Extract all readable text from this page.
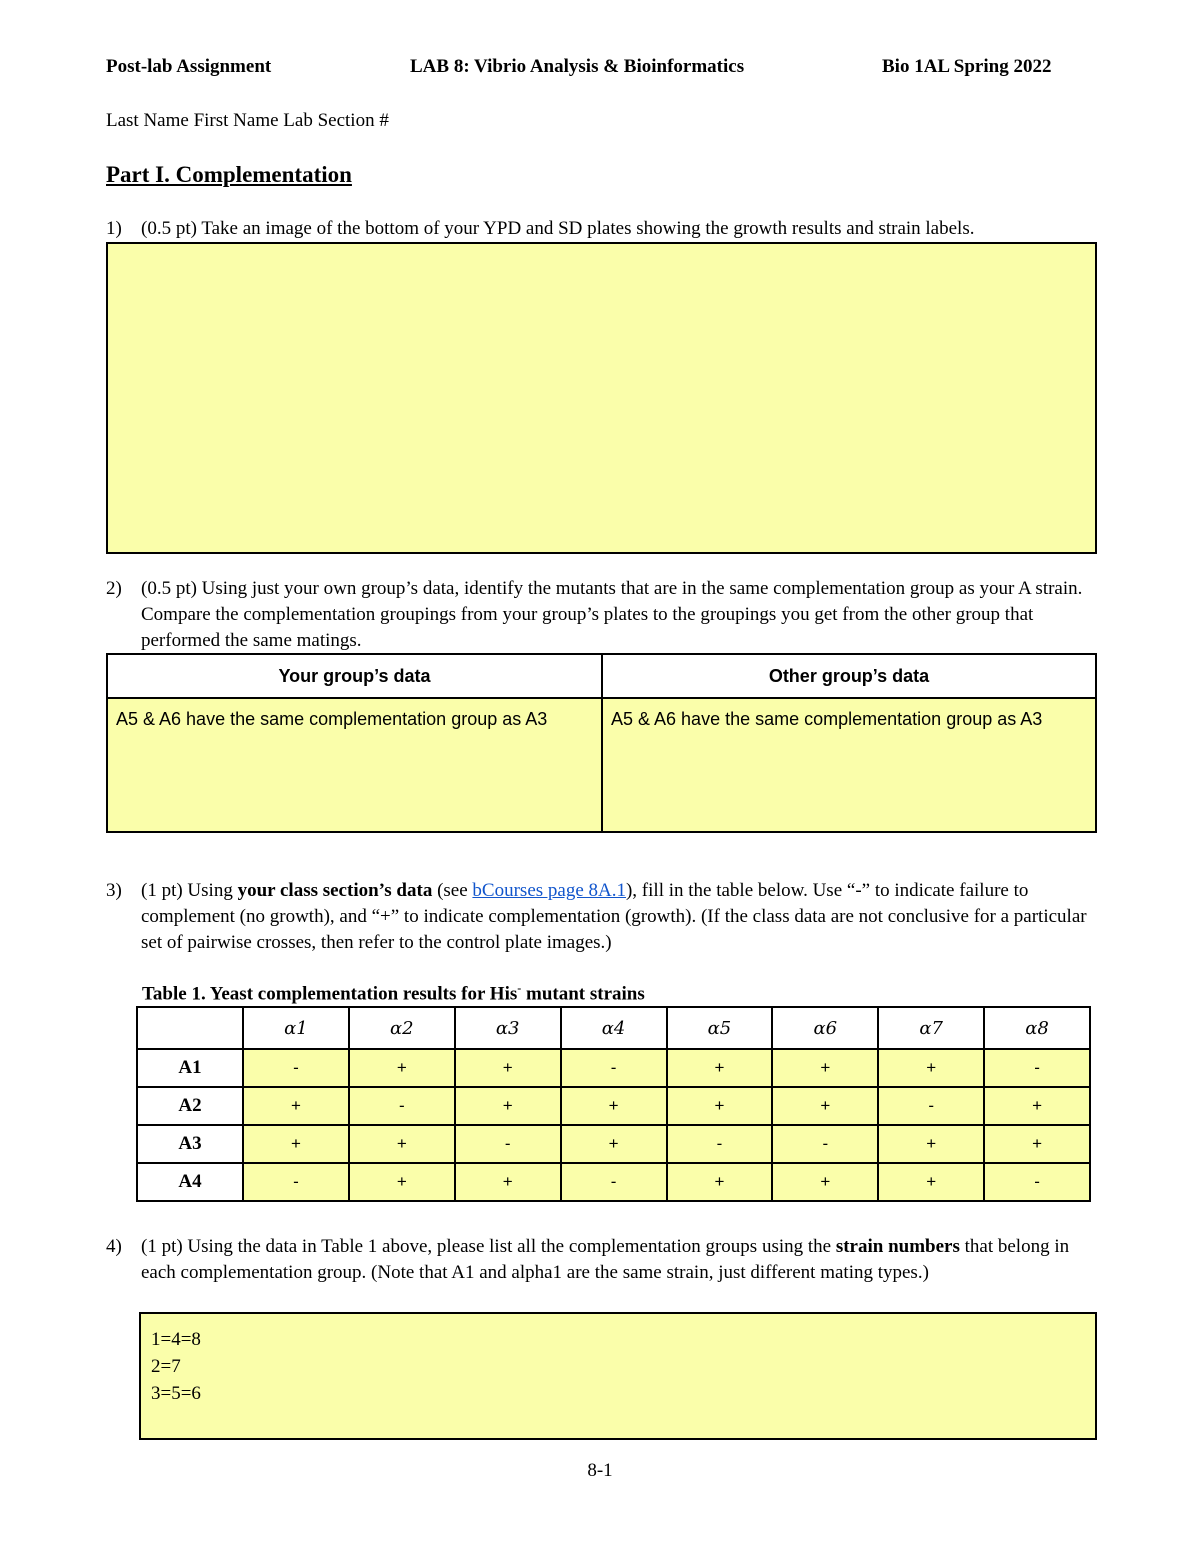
Post-lab Assignment	LAB 8: Vibrio Analysis & Bioinformatics	Bio 1AL Spring 2022
Last Name First Name Lab Section #
Part I. Complementation
1) (0.5 pt) Take an image of the bottom of your YPD and SD plates showing the growth results and strain labels.
2) (0.5 pt) Using just your own group’s data, identify the mutants that are in the same complementation group as your A strain. Compare the complementation groupings from your group’s plates to the groupings you get from the other group that performed the same matings.
Your group’s data	Other group’s data
A5 & A6 have the same complementation group as A3	A5 & A6 have the same complementation group as A3
3) (1 pt) Using your class section’s data (see bCourses page 8A.1), fill in the table below. Use “-” to indicate failure to complement (no growth), and “+” to indicate complementation (growth). (If the class data are not conclusive for a particular set of pairwise crosses, then refer to the control plate images.)
Table 1. Yeast complementation results for His- mutant strains
	α1	α2	α3	α4	α5	α6	α7	α8
A1	-	+	+	-	+	+	+	-
A2	+	-	+	+	+	+	-	+
A3	+	+	-	+	-	-	+	+
A4	-	+	+	-	+	+	+	-
4) (1 pt) Using the data in Table 1 above, please list all the complementation groups using the strain numbers that belong in each complementation group. (Note that A1 and alpha1 are the same strain, just different mating types.)
1=4=8
2=7
3=5=6
8-1
